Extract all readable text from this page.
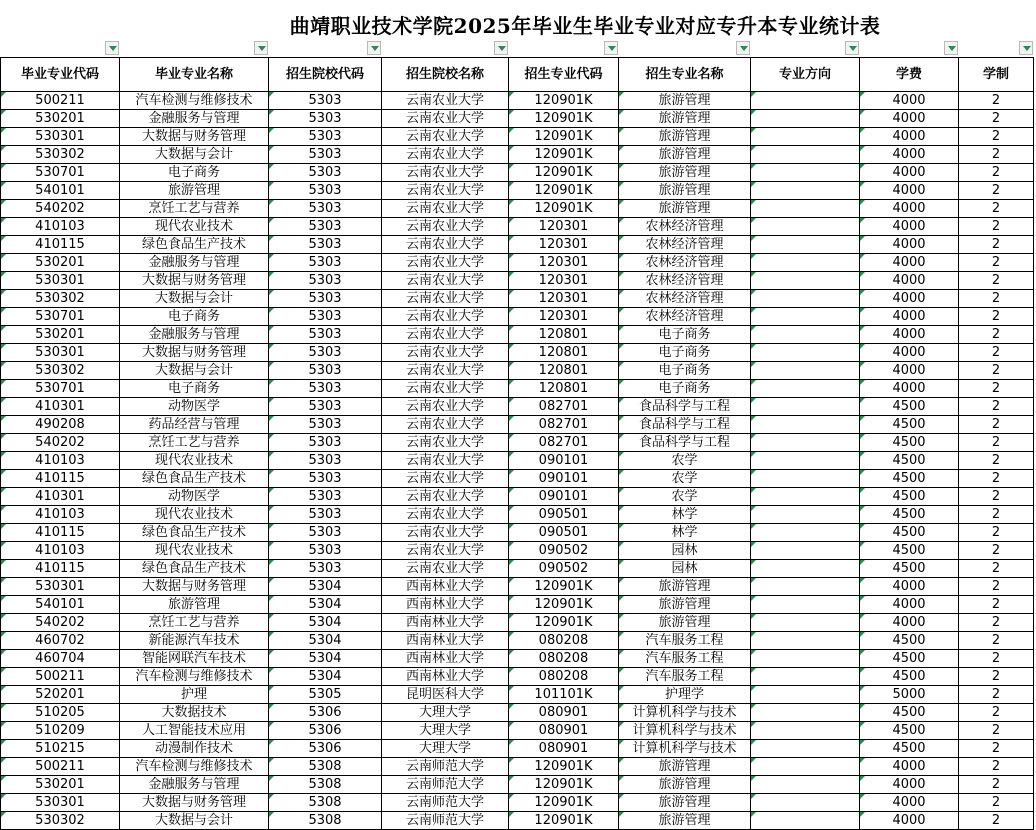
曲靖职业技术学院2025年毕业生毕业专业对应专升本专业统计表
毕业专业代码	毕业专业名称	招生院校代码	招生院校名称	招生专业代码	招生专业名称	专业方向	学费	学制
500211	汽车检测与维修技术	5303	云南农业大学	120901K	旅游管理		4000	2
530201	金融服务与管理	5303	云南农业大学	120901K	旅游管理		4000	2
530301	大数据与财务管理	5303	云南农业大学	120901K	旅游管理		4000	2
530302	大数据与会计	5303	云南农业大学	120901K	旅游管理		4000	2
530701	电子商务	5303	云南农业大学	120901K	旅游管理		4000	2
540101	旅游管理	5303	云南农业大学	120901K	旅游管理		4000	2
540202	烹饪工艺与营养	5303	云南农业大学	120901K	旅游管理		4000	2
410103	现代农业技术	5303	云南农业大学	120301	农林经济管理		4000	2
410115	绿色食品生产技术	5303	云南农业大学	120301	农林经济管理		4000	2
530201	金融服务与管理	5303	云南农业大学	120301	农林经济管理		4000	2
530301	大数据与财务管理	5303	云南农业大学	120301	农林经济管理		4000	2
530302	大数据与会计	5303	云南农业大学	120301	农林经济管理		4000	2
530701	电子商务	5303	云南农业大学	120301	农林经济管理		4000	2
530201	金融服务与管理	5303	云南农业大学	120801	电子商务		4000	2
530301	大数据与财务管理	5303	云南农业大学	120801	电子商务		4000	2
530302	大数据与会计	5303	云南农业大学	120801	电子商务		4000	2
530701	电子商务	5303	云南农业大学	120801	电子商务		4000	2
410301	动物医学	5303	云南农业大学	082701	食品科学与工程		4500	2
490208	药品经营与管理	5303	云南农业大学	082701	食品科学与工程		4500	2
540202	烹饪工艺与营养	5303	云南农业大学	082701	食品科学与工程		4500	2
410103	现代农业技术	5303	云南农业大学	090101	农学		4500	2
410115	绿色食品生产技术	5303	云南农业大学	090101	农学		4500	2
410301	动物医学	5303	云南农业大学	090101	农学		4500	2
410103	现代农业技术	5303	云南农业大学	090501	林学		4500	2
410115	绿色食品生产技术	5303	云南农业大学	090501	林学		4500	2
410103	现代农业技术	5303	云南农业大学	090502	园林		4500	2
410115	绿色食品生产技术	5303	云南农业大学	090502	园林		4500	2
530301	大数据与财务管理	5304	西南林业大学	120901K	旅游管理		4000	2
540101	旅游管理	5304	西南林业大学	120901K	旅游管理		4000	2
540202	烹饪工艺与营养	5304	西南林业大学	120901K	旅游管理		4000	2
460702	新能源汽车技术	5304	西南林业大学	080208	汽车服务工程		4500	2
460704	智能网联汽车技术	5304	西南林业大学	080208	汽车服务工程		4500	2
500211	汽车检测与维修技术	5304	西南林业大学	080208	汽车服务工程		4500	2
520201	护理	5305	昆明医科大学	101101K	护理学		5000	2
510205	大数据技术	5306	大理大学	080901	计算机科学与技术		4500	2
510209	人工智能技术应用	5306	大理大学	080901	计算机科学与技术		4500	2
510215	动漫制作技术	5306	大理大学	080901	计算机科学与技术		4500	2
500211	汽车检测与维修技术	5308	云南师范大学	120901K	旅游管理		4000	2
530201	金融服务与管理	5308	云南师范大学	120901K	旅游管理		4000	2
530301	大数据与财务管理	5308	云南师范大学	120901K	旅游管理		4000	2
530302	大数据与会计	5308	云南师范大学	120901K	旅游管理		4000	2
